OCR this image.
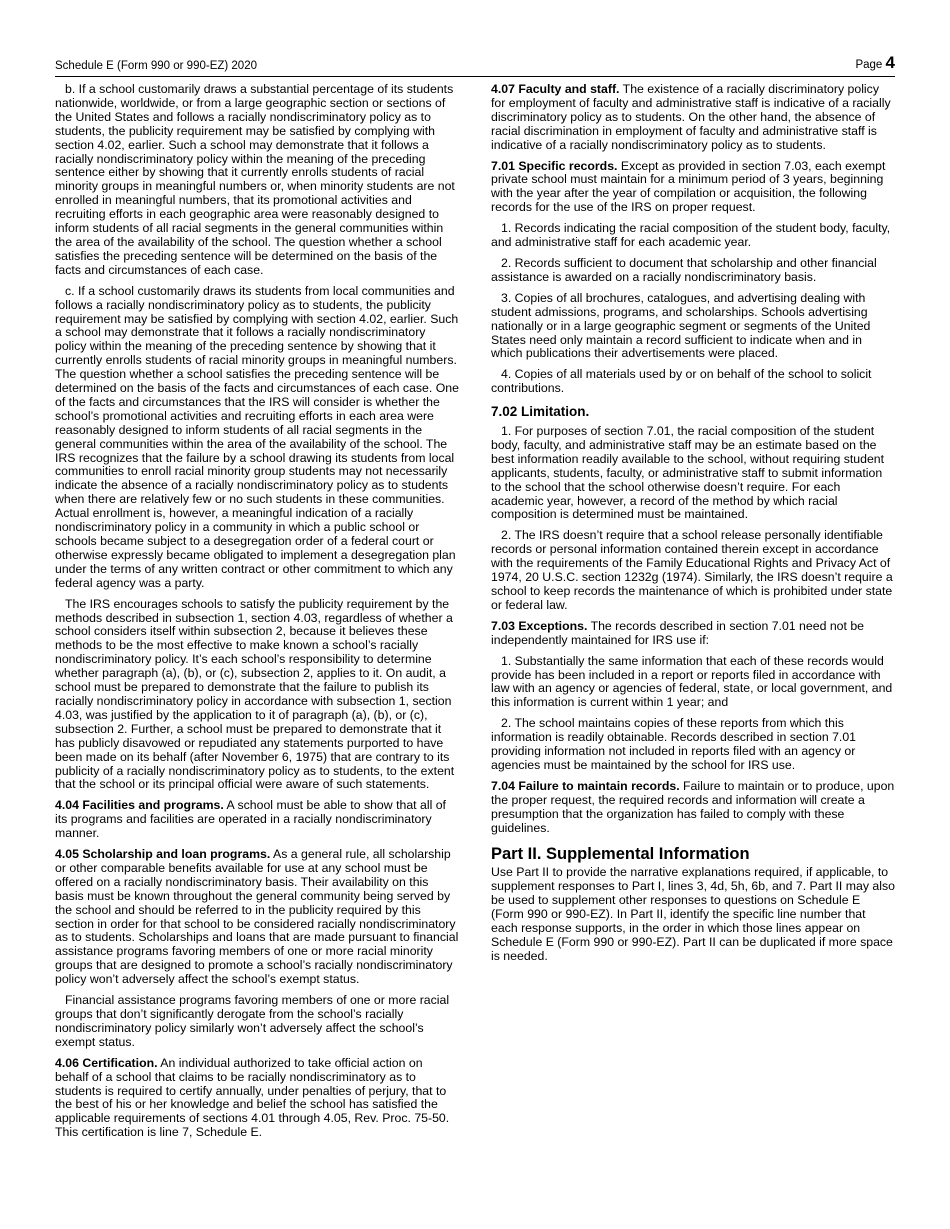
Schedule E (Form 990 or 990-EZ) 2020	Page 4

b. If a school customarily draws a substantial percentage of its students nationwide, worldwide, or from a large geographic section or sections of the United States and follows a racially nondiscriminatory policy as to students, the publicity requirement may be satisfied by complying with section 4.02, earlier. Such a school may demonstrate that it follows a racially nondiscriminatory policy within the meaning of the preceding sentence either by showing that it currently enrolls students of racial minority groups in meaningful numbers or, when minority students are not enrolled in meaningful numbers, that its promotional activities and recruiting efforts in each geographic area were reasonably designed to inform students of all racial segments in the general communities within the area of the availability of the school. The question whether a school satisfies the preceding sentence will be determined on the basis of the facts and circumstances of each case.

c. If a school customarily draws its students from local communities and follows a racially nondiscriminatory policy as to students, the publicity requirement may be satisfied by complying with section 4.02, earlier. Such a school may demonstrate that it follows a racially nondiscriminatory policy within the meaning of the preceding sentence by showing that it currently enrolls students of racial minority groups in meaningful numbers. The question whether a school satisfies the preceding sentence will be determined on the basis of the facts and circumstances of each case. One of the facts and circumstances that the IRS will consider is whether the school’s promotional activities and recruiting efforts in each area were reasonably designed to inform students of all racial segments in the general communities within the area of the availability of the school. The IRS recognizes that the failure by a school drawing its students from local communities to enroll racial minority group students may not necessarily indicate the absence of a racially nondiscriminatory policy as to students when there are relatively few or no such students in these communities. Actual enrollment is, however, a meaningful indication of a racially nondiscriminatory policy in a community in which a public school or schools became subject to a desegregation order of a federal court or otherwise expressly became obligated to implement a desegregation plan under the terms of any written contract or other commitment to which any federal agency was a party.

The IRS encourages schools to satisfy the publicity requirement by the methods described in subsection 1, section 4.03, regardless of whether a school considers itself within subsection 2, because it believes these methods to be the most effective to make known a school’s racially nondiscriminatory policy. It’s each school’s responsibility to determine whether paragraph (a), (b), or (c), subsection 2, applies to it. On audit, a school must be prepared to demonstrate that the failure to publish its racially nondiscriminatory policy in accordance with subsection 1, section 4.03, was justified by the application to it of paragraph (a), (b), or (c), subsection 2. Further, a school must be prepared to demonstrate that it has publicly disavowed or repudiated any statements purported to have been made on its behalf (after November 6, 1975) that are contrary to its publicity of a racially nondiscriminatory policy as to students, to the extent that the school or its principal official were aware of such statements.

4.04 Facilities and programs. A school must be able to show that all of its programs and facilities are operated in a racially nondiscriminatory manner.

4.05 Scholarship and loan programs. As a general rule, all scholarship or other comparable benefits available for use at any school must be offered on a racially nondiscriminatory basis. Their availability on this basis must be known throughout the general community being served by the school and should be referred to in the publicity required by this section in order for that school to be considered racially nondiscriminatory as to students. Scholarships and loans that are made pursuant to financial assistance programs favoring members of one or more racial minority groups that are designed to promote a school’s racially nondiscriminatory policy won’t adversely affect the school’s exempt status.

Financial assistance programs favoring members of one or more racial groups that don’t significantly derogate from the school’s racially nondiscriminatory policy similarly won’t adversely affect the school’s exempt status.

4.06 Certification. An individual authorized to take official action on behalf of a school that claims to be racially nondiscriminatory as to students is required to certify annually, under penalties of perjury, that to the best of his or her knowledge and belief the school has satisfied the applicable requirements of sections 4.01 through 4.05, Rev. Proc. 75-50. This certification is line 7, Schedule E.

4.07 Faculty and staff. The existence of a racially discriminatory policy for employment of faculty and administrative staff is indicative of a racially discriminatory policy as to students. On the other hand, the absence of racial discrimination in employment of faculty and administrative staff is indicative of a racially nondiscriminatory policy as to students.

7.01 Specific records. Except as provided in section 7.03, each exempt private school must maintain for a minimum period of 3 years, beginning with the year after the year of compilation or acquisition, the following records for the use of the IRS on proper request.

1. Records indicating the racial composition of the student body, faculty, and administrative staff for each academic year.

2. Records sufficient to document that scholarship and other financial assistance is awarded on a racially nondiscriminatory basis.

3. Copies of all brochures, catalogues, and advertising dealing with student admissions, programs, and scholarships. Schools advertising nationally or in a large geographic segment or segments of the United States need only maintain a record sufficient to indicate when and in which publications their advertisements were placed.

4. Copies of all materials used by or on behalf of the school to solicit contributions.

7.02 Limitation.

1. For purposes of section 7.01, the racial composition of the student body, faculty, and administrative staff may be an estimate based on the best information readily available to the school, without requiring student applicants, students, faculty, or administrative staff to submit information to the school that the school otherwise doesn’t require. For each academic year, however, a record of the method by which racial composition is determined must be maintained.

2. The IRS doesn’t require that a school release personally identifiable records or personal information contained therein except in accordance with the requirements of the Family Educational Rights and Privacy Act of 1974, 20 U.S.C. section 1232g (1974). Similarly, the IRS doesn’t require a school to keep records the maintenance of which is prohibited under state or federal law.

7.03 Exceptions. The records described in section 7.01 need not be independently maintained for IRS use if:

1. Substantially the same information that each of these records would provide has been included in a report or reports filed in accordance with law with an agency or agencies of federal, state, or local government, and this information is current within 1 year; and

2. The school maintains copies of these reports from which this information is readily obtainable. Records described in section 7.01 providing information not included in reports filed with an agency or agencies must be maintained by the school for IRS use.

7.04 Failure to maintain records. Failure to maintain or to produce, upon the proper request, the required records and information will create a presumption that the organization has failed to comply with these guidelines.

Part II. Supplemental Information

Use Part II to provide the narrative explanations required, if applicable, to supplement responses to Part I, lines 3, 4d, 5h, 6b, and 7. Part II may also be used to supplement other responses to questions on Schedule E (Form 990 or 990-EZ). In Part II, identify the specific line number that each response supports, in the order in which those lines appear on Schedule E (Form 990 or 990-EZ). Part II can be duplicated if more space is needed.
